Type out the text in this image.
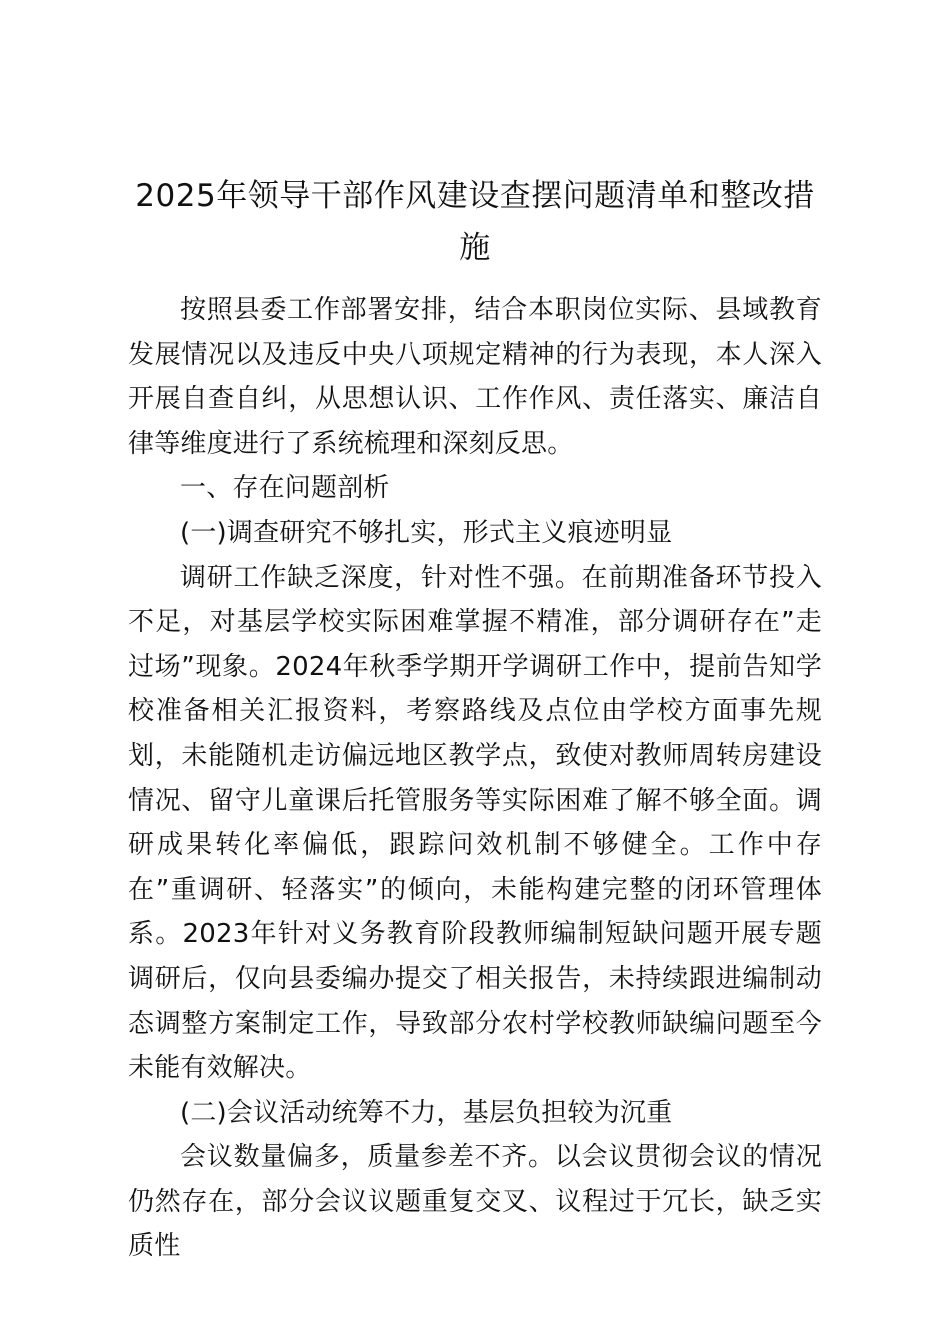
2025年领导干部作风建设查摆问题清单和整改措施

按照县委工作部署安排，结合本职岗位实际、县域教育发展情况以及违反中央八项规定精神的行为表现，本人深入开展自查自纠，从思想认识、工作作风、责任落实、廉洁自律等维度进行了系统梳理和深刻反思。

一、存在问题剖析
(一)调查研究不够扎实，形式主义痕迹明显

调研工作缺乏深度，针对性不强。在前期准备环节投入不足，对基层学校实际困难掌握不精准，部分调研存在”走过场”现象。2024年秋季学期开学调研工作中，提前告知学校准备相关汇报资料，考察路线及点位由学校方面事先规划，未能随机走访偏远地区教学点，致使对教师周转房建设情况、留守儿童课后托管服务等实际困难了解不够全面。调研成果转化率偏低，跟踪问效机制不够健全。工作中存在”重调研、轻落实”的倾向，未能构建完整的闭环管理体系。2023年针对义务教育阶段教师编制短缺问题开展专题调研后，仅向县委编办提交了相关报告，未持续跟进编制动态调整方案制定工作，导致部分农村学校教师缺编问题至今未能有效解决。

(二)会议活动统筹不力，基层负担较为沉重

会议数量偏多，质量参差不齐。以会议贯彻会议的情况仍然存在，部分会议议题重复交叉、议程过于冗长，缺乏实质性
